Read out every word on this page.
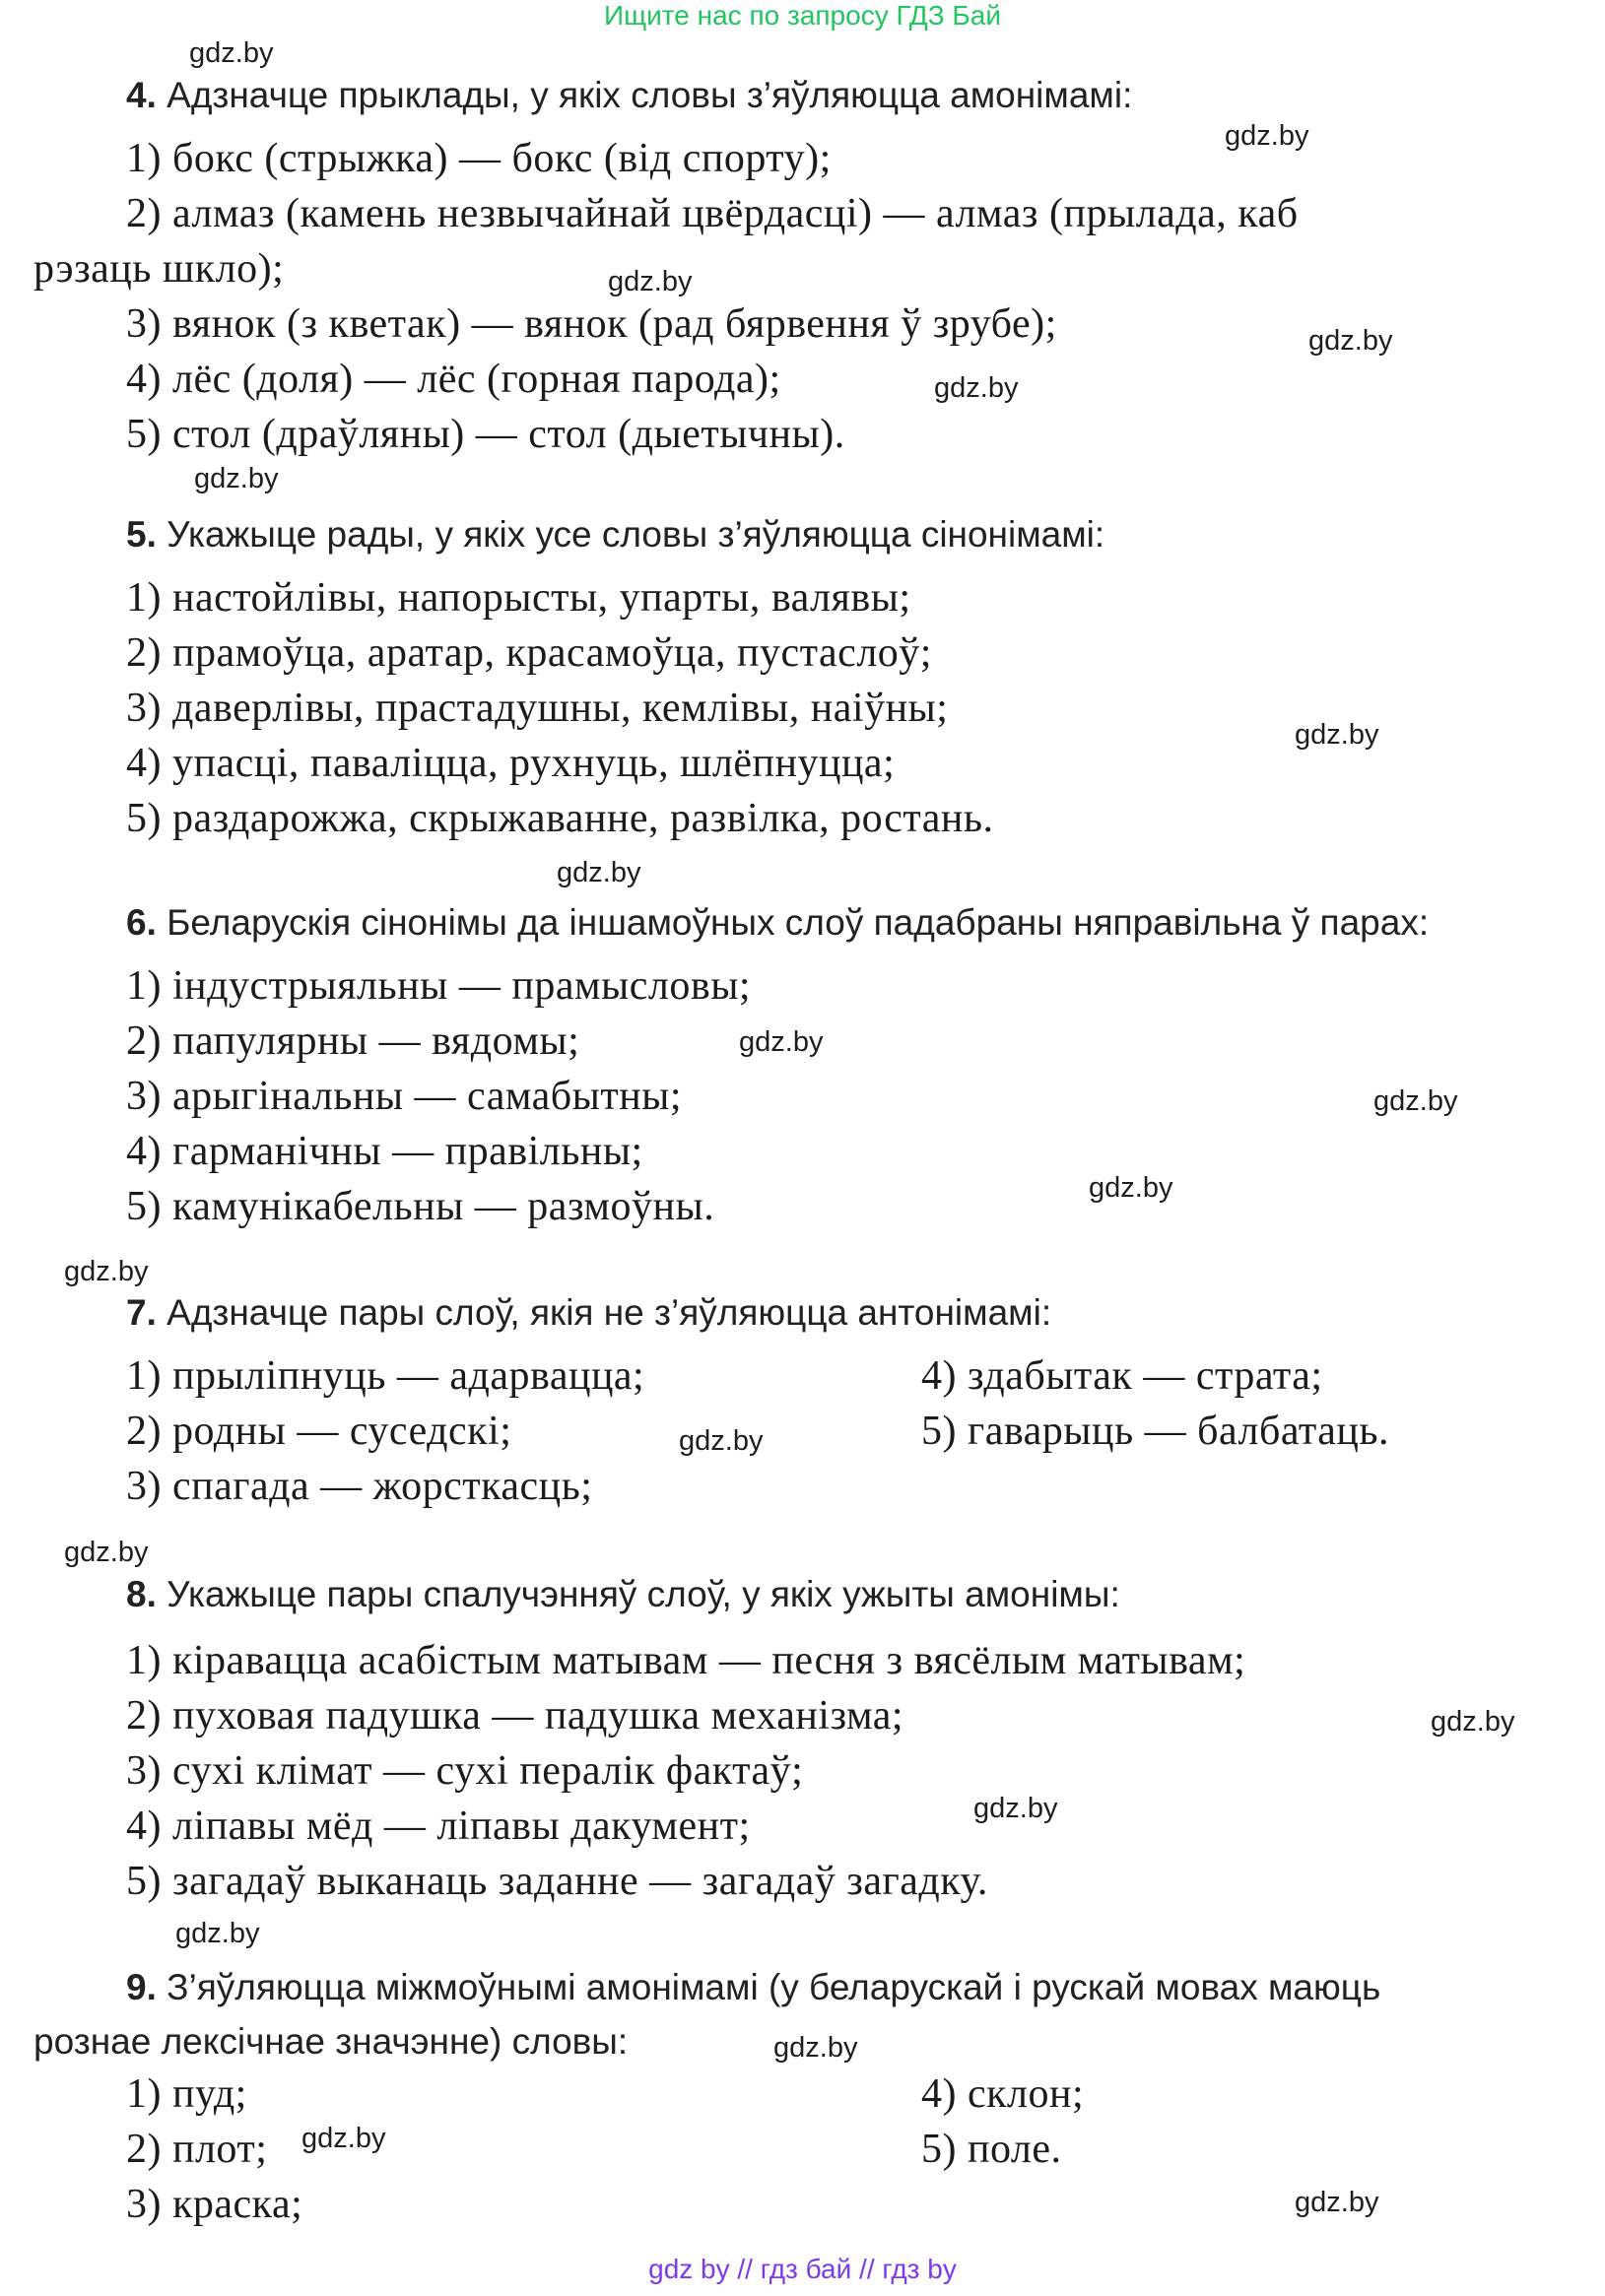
Ищите нас по запросу ГДЗ Бай
4. Адзначце прыклады, у якіх словы з’яўляюцца амонімамі:
1) бокс (стрыжка) — бокс (від спорту);
2) алмаз (камень незвычайнай цвёрдасці) — алмаз (прылада, каб
рэзаць шкло);
3) вянок (з кветак) — вянок (рад бярвення ў зрубе);
4) лёс (доля) — лёс (горная парода);
5) стол (драўляны) — стол (дыетычны).
5. Укажыце рады, у якіх усе словы з’яўляюцца сінонімамі:
1) настойлівы, напорысты, упарты, валявы;
2) прамоўца, аратар, красамоўца, пустаслоў;
3) даверлівы, прастадушны, кемлівы, наіўны;
4) упасці, паваліцца, рухнуць, шлёпнуцца;
5) раздарожжа, скрыжаванне, развілка, ростань.
6. Беларускія сінонімы да іншамоўных слоў падабраны няправільна ў парах:
1) індустрыяльны — прамысловы;
2) папулярны — вядомы;
3) арыгінальны — самабытны;
4) гарманічны — правільны;
5) камунікабельны — размоўны.
7. Адзначце пары слоў, якія не з’яўляюцца антонімамі:
1) прыліпнуць — адарвацца;
2) родны — суседскі;
3) спагада — жорсткасць;
4) здабытак — страта;
5) гаварыць — балбатаць.
8. Укажыце пары спалучэнняў слоў, у якіх ужыты амонімы:
1) кіравацца асабістым матывам — песня з вясёлым матывам;
2) пуховая падушка — падушка механізма;
3) сухі клімат — сухі пералік фактаў;
4) ліпавы мёд — ліпавы дакумент;
5) загадаў выканаць заданне — загадаў загадку.
9. З’яўляюцца міжмоўнымі амонімамі (у беларускай і рускай мовах маюць
рознае лексічнае значэнне) словы:
1) пуд;
2) плот;
3) краска;
4) склон;
5) поле.
gdz.by
gdz.by
gdz.by
gdz.by
gdz.by
gdz.by
gdz.by
gdz.by
gdz.by
gdz.by
gdz.by
gdz.by
gdz.by
gdz.by
gdz.by
gdz.by
gdz.by
gdz.by
gdz.by
gdz.by
gdz by // гдз бай // гдз by
